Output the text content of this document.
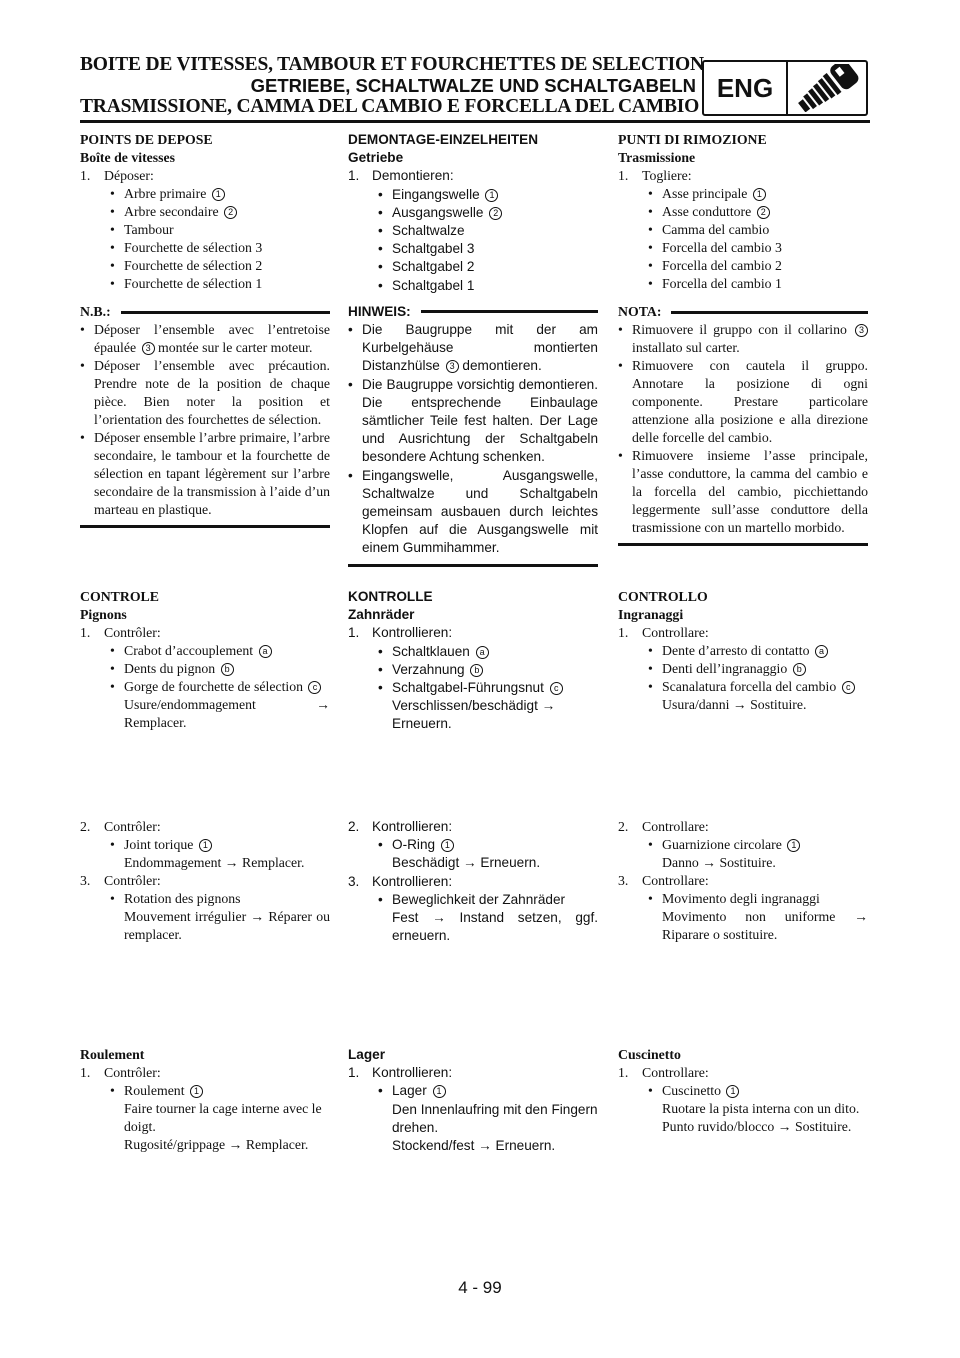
BOITE DE VITESSES, TAMBOUR ET FOURCHETTES DE SELECTION
GETRIEBE, SCHALTWALZE UND SCHALTGABELN
TRASMISSIONE, CAMMA DEL CAMBIO E FORCELLA DEL CAMBIO
ENG
POINTS DE DEPOSE
Boîte de vitesses
1. Déposer:
• Arbre primaire 1
• Arbre secondaire 2
• Tambour
• Fourchette de sélection 3
• Fourchette de sélection 2
• Fourchette de sélection 1
N.B.:
• Déposer l’ensemble avec l’entretoise épaulée 3 montée sur le carter moteur.
• Déposer l’ensemble avec précaution. Prendre note de la position de chaque pièce. Bien noter la position et l’orientation des fourchettes de sélection.
• Déposer ensemble l’arbre primaire, l’arbre secondaire, le tambour et la fourchette de sélection en tapant légèrement sur l’arbre secondaire de la transmission à l’aide d’un marteau en plastique.
CONTROLE
Pignons
1. Contrôler:
• Crabot d’accouplement a
• Dents du pignon b
• Gorge de fourchette de sélection c
Usure/endommagement → Remplacer.
2. Contrôler:
• Joint torique 1
Endommagement → Remplacer.
3. Contrôler:
• Rotation des pignons
Mouvement irrégulier → Réparer ou remplacer.
Roulement
1. Contrôler:
• Roulement 1
Faire tourner la cage interne avec le doigt.
Rugosité/grippage → Remplacer.
DEMONTAGE-EINZELHEITEN
Getriebe
1. Demontieren:
• Eingangswelle 1
• Ausgangswelle 2
• Schaltwalze
• Schaltgabel 3
• Schaltgabel 2
• Schaltgabel 1
HINWEIS:
• Die Baugruppe mit der am Kurbelgehäuse montierten Distanzhülse 3 demontieren.
• Die Baugruppe vorsichtig demontieren. Die entsprechende Einbaulage sämtlicher Teile fest halten. Der Lage und Ausrichtung der Schaltgabeln besondere Achtung schenken.
• Eingangswelle, Ausgangswelle, Schaltwalze und Schaltgabeln gemeinsam ausbauen durch leichtes Klopfen auf die Ausgangswelle mit einem Gummihammer.
KONTROLLE
Zahnräder
1. Kontrollieren:
• Schaltklauen a
• Verzahnung b
• Schaltgabel-Führungsnut c
Verschlissen/beschädigt → Erneuern.
2. Kontrollieren:
• O-Ring 1
Beschädigt → Erneuern.
3. Kontrollieren:
• Beweglichkeit der Zahnräder
Fest → Instand setzen, ggf. erneuern.
Lager
1. Kontrollieren:
• Lager 1
Den Innenlaufring mit den Fingern drehen.
Stockend/fest → Erneuern.
PUNTI DI RIMOZIONE
Trasmissione
1. Togliere:
• Asse principale 1
• Asse conduttore 2
• Camma del cambio
• Forcella del cambio 3
• Forcella del cambio 2
• Forcella del cambio 1
NOTA:
• Rimuovere il gruppo con il collarino 3 installato sul carter.
• Rimuovere con cautela il gruppo. Annotare la posizione di ogni componente. Prestare particolare attenzione alla posizione e alla direzione delle forcelle del cambio.
• Rimuovere insieme l’asse principale, l’asse conduttore, la camma del cambio e la forcella del cambio, picchiettando leggermente sull’asse conduttore della trasmissione con un martello morbido.
CONTROLLO
Ingranaggi
1. Controllare:
• Dente d’arresto di contatto a
• Denti dell’ingranaggio b
• Scanalatura forcella del cambio c
Usura/danni → Sostituire.
2. Controllare:
• Guarnizione circolare 1
Danno → Sostituire.
3. Controllare:
• Movimento degli ingranaggi
Movimento non uniforme → Riparare o sostituire.
Cuscinetto
1. Controllare:
• Cuscinetto 1
Ruotare la pista interna con un dito.
Punto ruvido/blocco → Sostituire.
4 - 99
